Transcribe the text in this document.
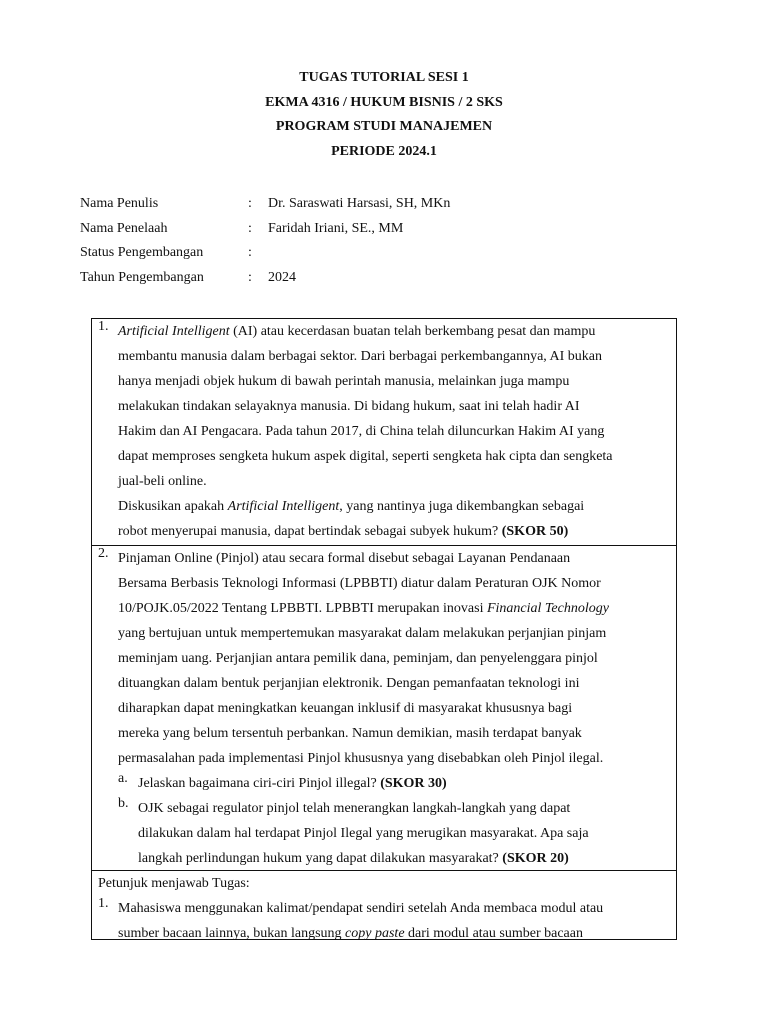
TUGAS TUTORIAL SESI 1
EKMA 4316 / HUKUM BISNIS / 2 SKS
PROGRAM STUDI MANAJEMEN
PERIODE 2024.1
Nama Penulis	:	Dr. Saraswati Harsasi, SH, MKn
Nama Penelaah	:	Faridah Iriani, SE., MM
Status Pengembangan	:
Tahun Pengembangan	:	2024
1. Artificial Intelligent (AI) atau kecerdasan buatan telah berkembang pesat dan mampu

membantu manusia dalam berbagai sektor. Dari berbagai perkembangannya, AI bukan

hanya menjadi objek hukum di bawah perintah manusia, melainkan juga mampu

melakukan tindakan selayaknya manusia. Di bidang hukum, saat ini telah hadir AI

Hakim dan AI Pengacara. Pada tahun 2017, di China telah diluncurkan Hakim AI yang

dapat memproses sengketa hukum aspek digital, seperti sengketa hak cipta dan sengketa

jual-beli online.

Diskusikan apakah Artificial Intelligent, yang nantinya juga dikembangkan sebagai

robot menyerupai manusia, dapat bertindak sebagai subyek hukum? (SKOR 50)

2. Pinjaman Online (Pinjol) atau secara formal disebut sebagai Layanan Pendanaan

Bersama Berbasis Teknologi Informasi (LPBBTI) diatur dalam Peraturan OJK Nomor

10/POJK.05/2022 Tentang LPBBTI. LPBBTI merupakan inovasi Financial Technology

yang bertujuan untuk mempertemukan masyarakat dalam melakukan perjanjian pinjam

meminjam uang. Perjanjian antara pemilik dana, peminjam, dan penyelenggara pinjol

dituangkan dalam bentuk perjanjian elektronik. Dengan pemanfaatan teknologi ini

diharapkan dapat meningkatkan keuangan inklusif di masyarakat khususnya bagi

mereka yang belum tersentuh perbankan. Namun demikian, masih terdapat banyak

permasalahan pada implementasi Pinjol khususnya yang disebabkan oleh Pinjol ilegal.

a. Jelaskan bagaimana ciri-ciri Pinjol illegal? (SKOR 30)

b. OJK sebagai regulator pinjol telah menerangkan langkah-langkah yang dapat

dilakukan dalam hal terdapat Pinjol Ilegal yang merugikan masyarakat. Apa saja

langkah perlindungan hukum yang dapat dilakukan masyarakat? (SKOR 20)

Petunjuk menjawab Tugas:

1. Mahasiswa menggunakan kalimat/pendapat sendiri setelah Anda membaca modul atau

sumber bacaan lainnya, bukan langsung copy paste dari modul atau sumber bacaan
